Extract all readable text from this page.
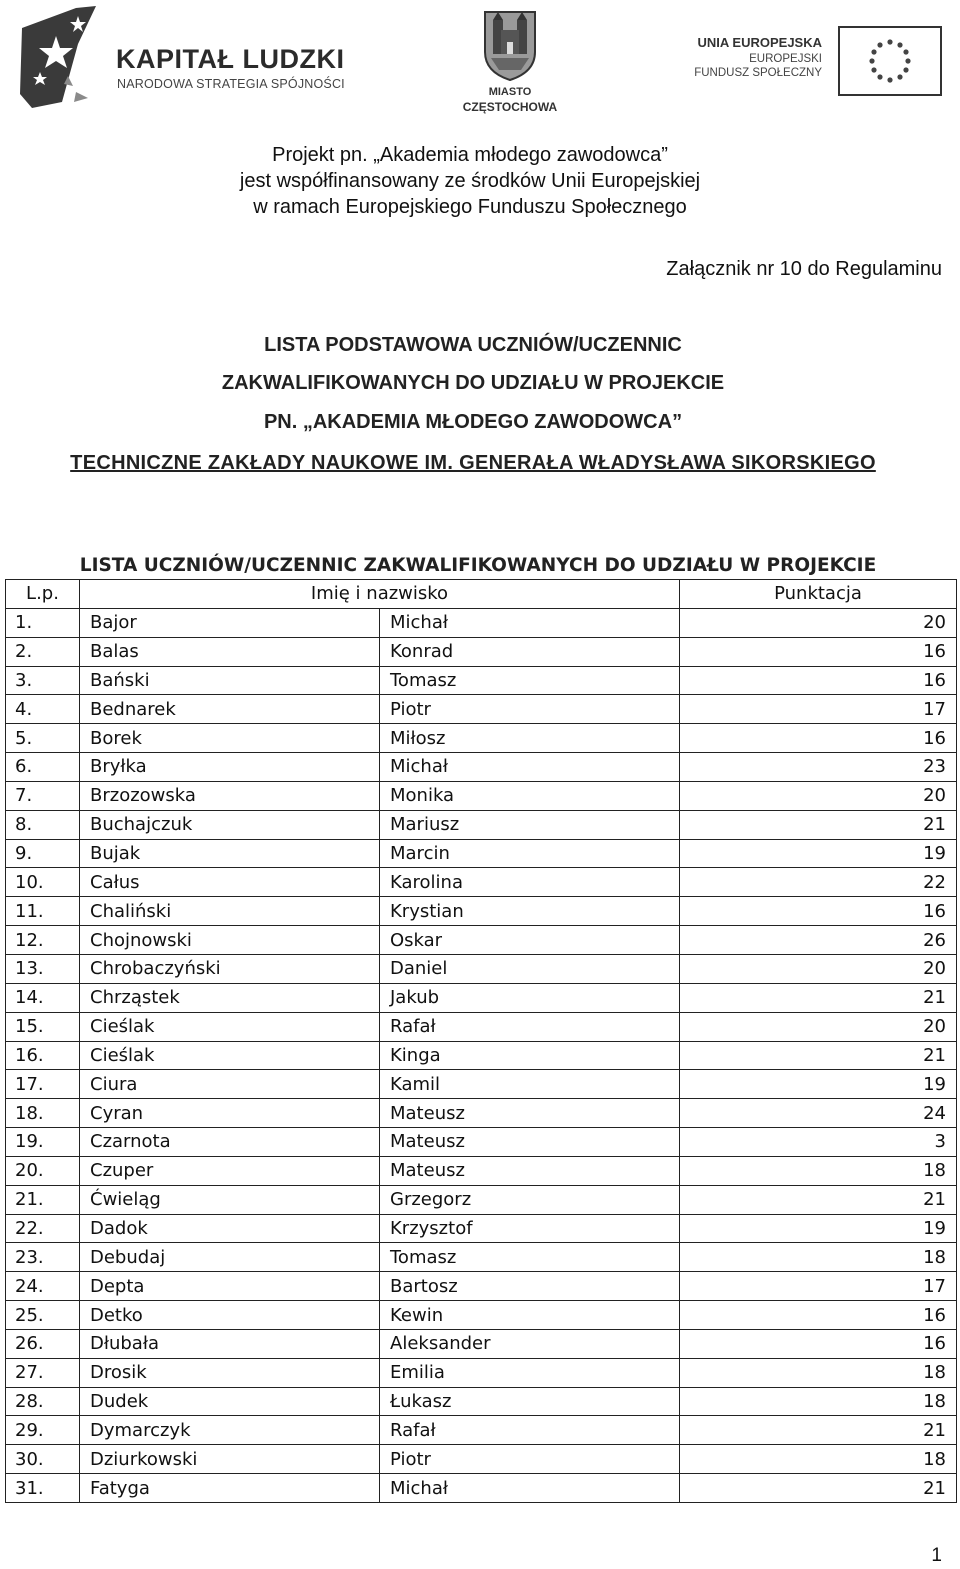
KAPITAŁ LUDZKI
NARODOWA STRATEGIA SPÓJNOŚCI
MIASTO
CZĘSTOCHOWA
UNIA EUROPEJSKA
EUROPEJSKI
FUNDUSZ SPOŁECZNY
Projekt pn. „Akademia młodego zawodowca”
jest współfinansowany ze środków Unii Europejskiej
w ramach Europejskiego Funduszu Społecznego
Załącznik nr 10 do Regulaminu
LISTA PODSTAWOWA UCZNIÓW/UCZENNIC
ZAKWALIFIKOWANYCH DO UDZIAŁU W PROJEKCIE
PN. „AKADEMIA MŁODEGO ZAWODOWCA”
TECHNICZNE ZAKŁADY NAUKOWE IM. GENERAŁA WŁADYSŁAWA SIKORSKIEGO
LISTA UCZNIÓW/UCZENNIC ZAKWALIFIKOWANYCH DO UDZIAŁU W PROJEKCIE
L.p.	Imię i nazwisko		Punktacja
1.	Bajor	Michał	20
2.	Balas	Konrad	16
3.	Bański	Tomasz	16
4.	Bednarek	Piotr	17
5.	Borek	Miłosz	16
6.	Bryłka	Michał	23
7.	Brzozowska	Monika	20
8.	Buchajczuk	Mariusz	21
9.	Bujak	Marcin	19
10.	Całus	Karolina	22
11.	Chaliński	Krystian	16
12.	Chojnowski	Oskar	26
13.	Chrobaczyński	Daniel	20
14.	Chrząstek	Jakub	21
15.	Cieślak	Rafał	20
16.	Cieślak	Kinga	21
17.	Ciura	Kamil	19
18.	Cyran	Mateusz	24
19.	Czarnota	Mateusz	3
20.	Czuper	Mateusz	18
21.	Ćwieląg	Grzegorz	21
22.	Dadok	Krzysztof	19
23.	Debudaj	Tomasz	18
24.	Depta	Bartosz	17
25.	Detko	Kewin	16
26.	Dłubała	Aleksander	16
27.	Drosik	Emilia	18
28.	Dudek	Łukasz	18
29.	Dymarczyk	Rafał	21
30.	Dziurkowski	Piotr	18
31.	Fatyga	Michał	21
1
